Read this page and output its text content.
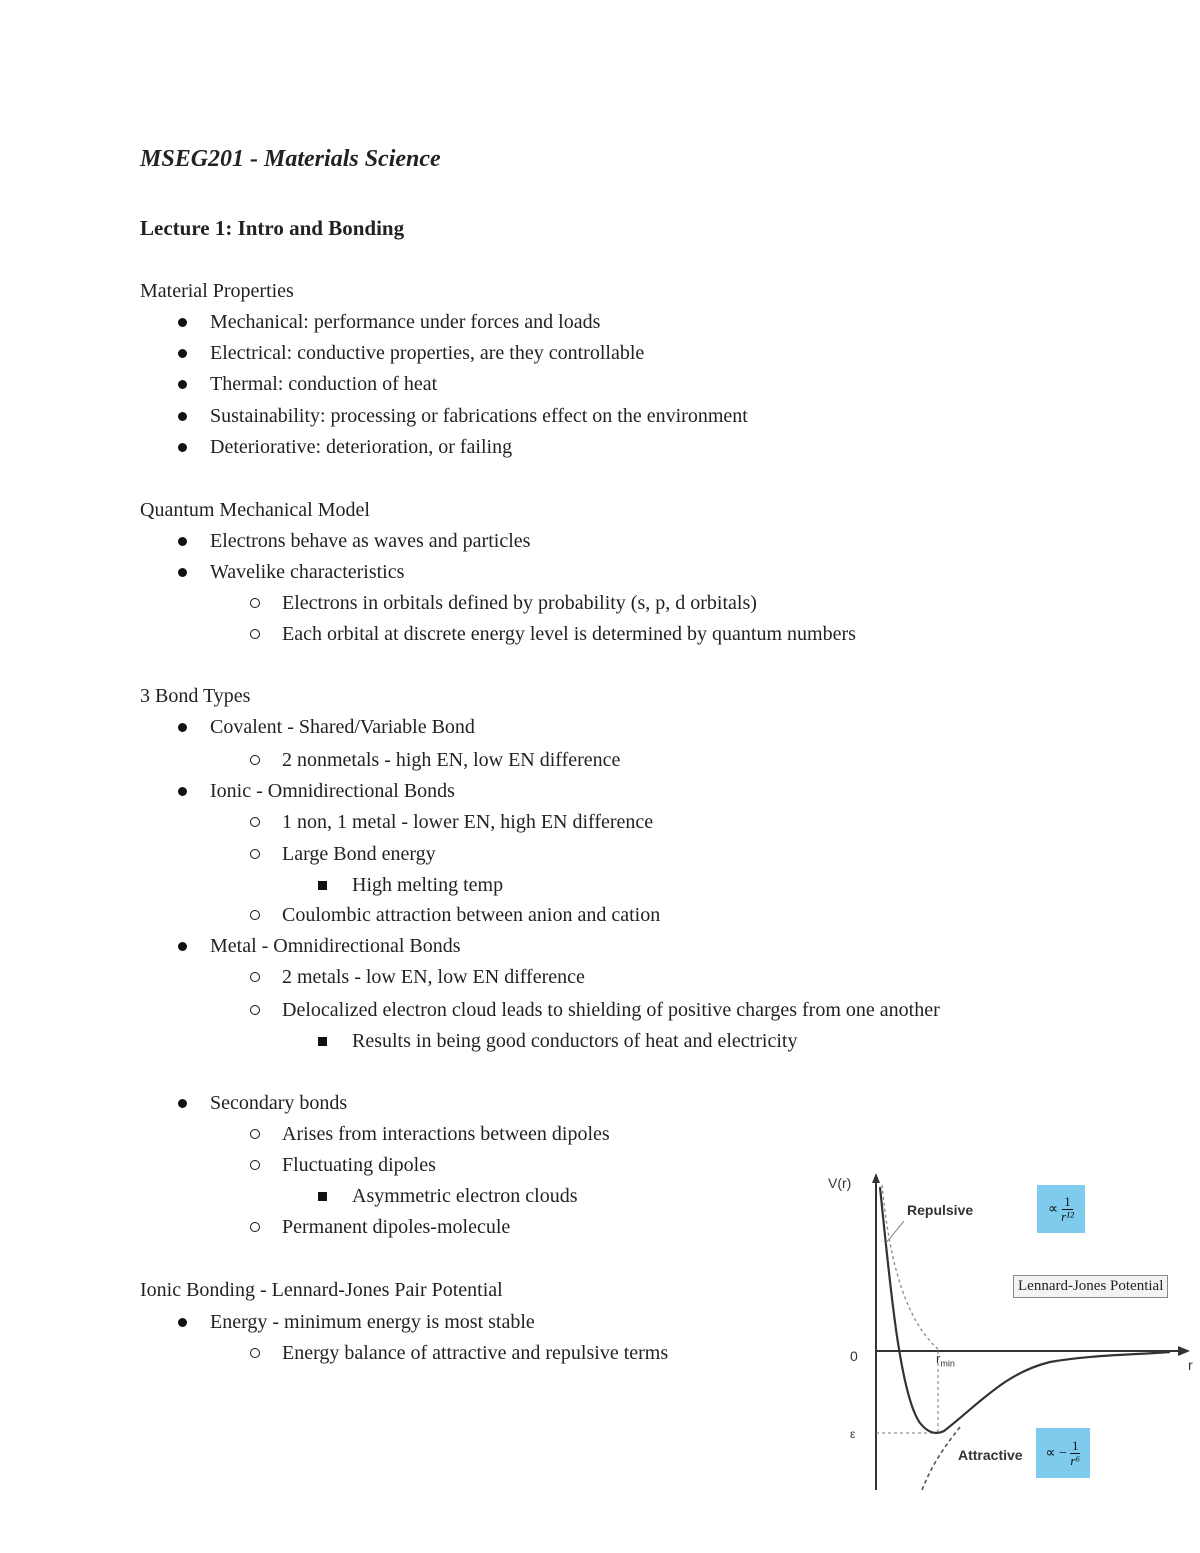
MSEG201 - Materials Science
Lecture 1: Intro and Bonding
Material Properties
Mechanical: performance under forces and loads
Electrical: conductive properties, are they controllable
Thermal: conduction of heat
Sustainability: processing or fabrications effect on the environment
Deteriorative: deterioration, or failing
Quantum Mechanical Model
Electrons behave as waves and particles
Wavelike characteristics
Electrons in orbitals defined by probability (s, p, d orbitals)
Each orbital at discrete energy level is determined by quantum numbers
3 Bond Types
Covalent - Shared/Variable Bond
2 nonmetals - high EN, low EN difference
Ionic - Omnidirectional Bonds
1 non, 1 metal - lower EN, high EN difference
Large Bond energy
High melting temp
Coulombic attraction between anion and cation
Metal - Omnidirectional Bonds
2 metals - low EN, low EN difference
Delocalized electron cloud leads to shielding of positive charges from one another
Results in being good conductors of heat and electricity
Secondary bonds
Arises from interactions between dipoles
Fluctuating dipoles
Asymmetric electron clouds
Permanent dipoles-molecule
Ionic Bonding - Lennard-Jones Pair Potential
Energy - minimum energy is most stable
Energy balance of attractive and repulsive terms
V(r)
r
0
ε
$r_{min}$
Repulsive
Attractive
∝ $\frac{1}{\text{r¹²}}$
∝ − $\frac{1}{\text{r⁶}}$
Lennard-Jones Potential
